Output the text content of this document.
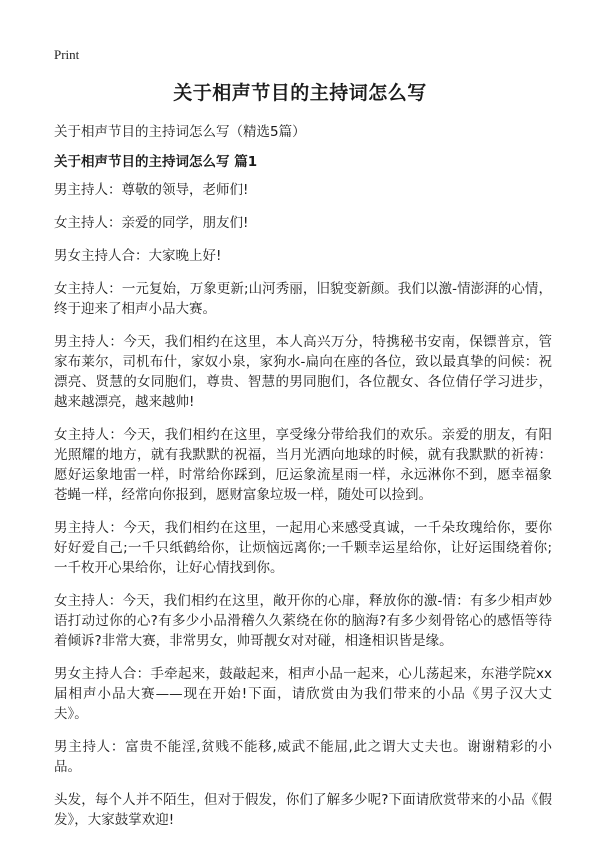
Print
关于相声节目的主持词怎么写

关于相声节目的主持词怎么写（精选5篇）

关于相声节目的主持词怎么写 篇1

男主持人：尊敬的领导，老师们!

女主持人：亲爱的同学，朋友们!

男女主持人合：大家晚上好!

女主持人：一元复始，万象更新;山河秀丽，旧貌变新颜。我们以激-情澎湃的心情，终于迎来了相声小品大赛。

男主持人：今天，我们相约在这里，本人高兴万分，特携秘书安南，保镖普京，管家布莱尔，司机布什，家奴小泉，家狗水-扁向在座的各位，致以最真挚的问候：祝漂亮、贤慧的女同胞们，尊贵、智慧的男同胞们，各位靓女、各位倩仔学习进步，越来越漂亮，越来越帅!

女主持人：今天，我们相约在这里，享受缘分带给我们的欢乐。亲爱的朋友，有阳光照耀的地方，就有我默默的祝福，当月光洒向地球的时候，就有我默默的祈祷：愿好运象地雷一样，时常给你踩到，厄运象流星雨一样，永远淋你不到，愿幸福象苍蝇一样，经常向你报到，愿财富象垃圾一样，随处可以捡到。

男主持人：今天，我们相约在这里，一起用心来感受真诚，一千朵玫瑰给你，要你好好爱自己;一千只纸鹤给你，让烦恼远离你;一千颗幸运星给你，让好运围绕着你;一千枚开心果给你，让好心情找到你。

女主持人：今天，我们相约在这里，敞开你的心扉，释放你的激-情：有多少相声妙语打动过你的心?有多少小品滑稽久久萦绕在你的脑海?有多少刻骨铭心的感悟等待着倾诉?非常大赛，非常男女，帅哥靓女对对碰，相逢相识皆是缘。

男女主持人合：手牵起来，鼓敲起来，相声小品一起来，心儿荡起来，东港学院xx届相声小品大赛——现在开始!下面，请欣赏由为我们带来的小品《男子汉大丈夫》。

男主持人：富贵不能淫,贫贱不能移,威武不能屈,此之谓大丈夫也。谢谢精彩的小品。

头发，每个人并不陌生，但对于假发，你们了解多少呢?下面请欣赏带来的小品《假发》，大家鼓掌欢迎!
